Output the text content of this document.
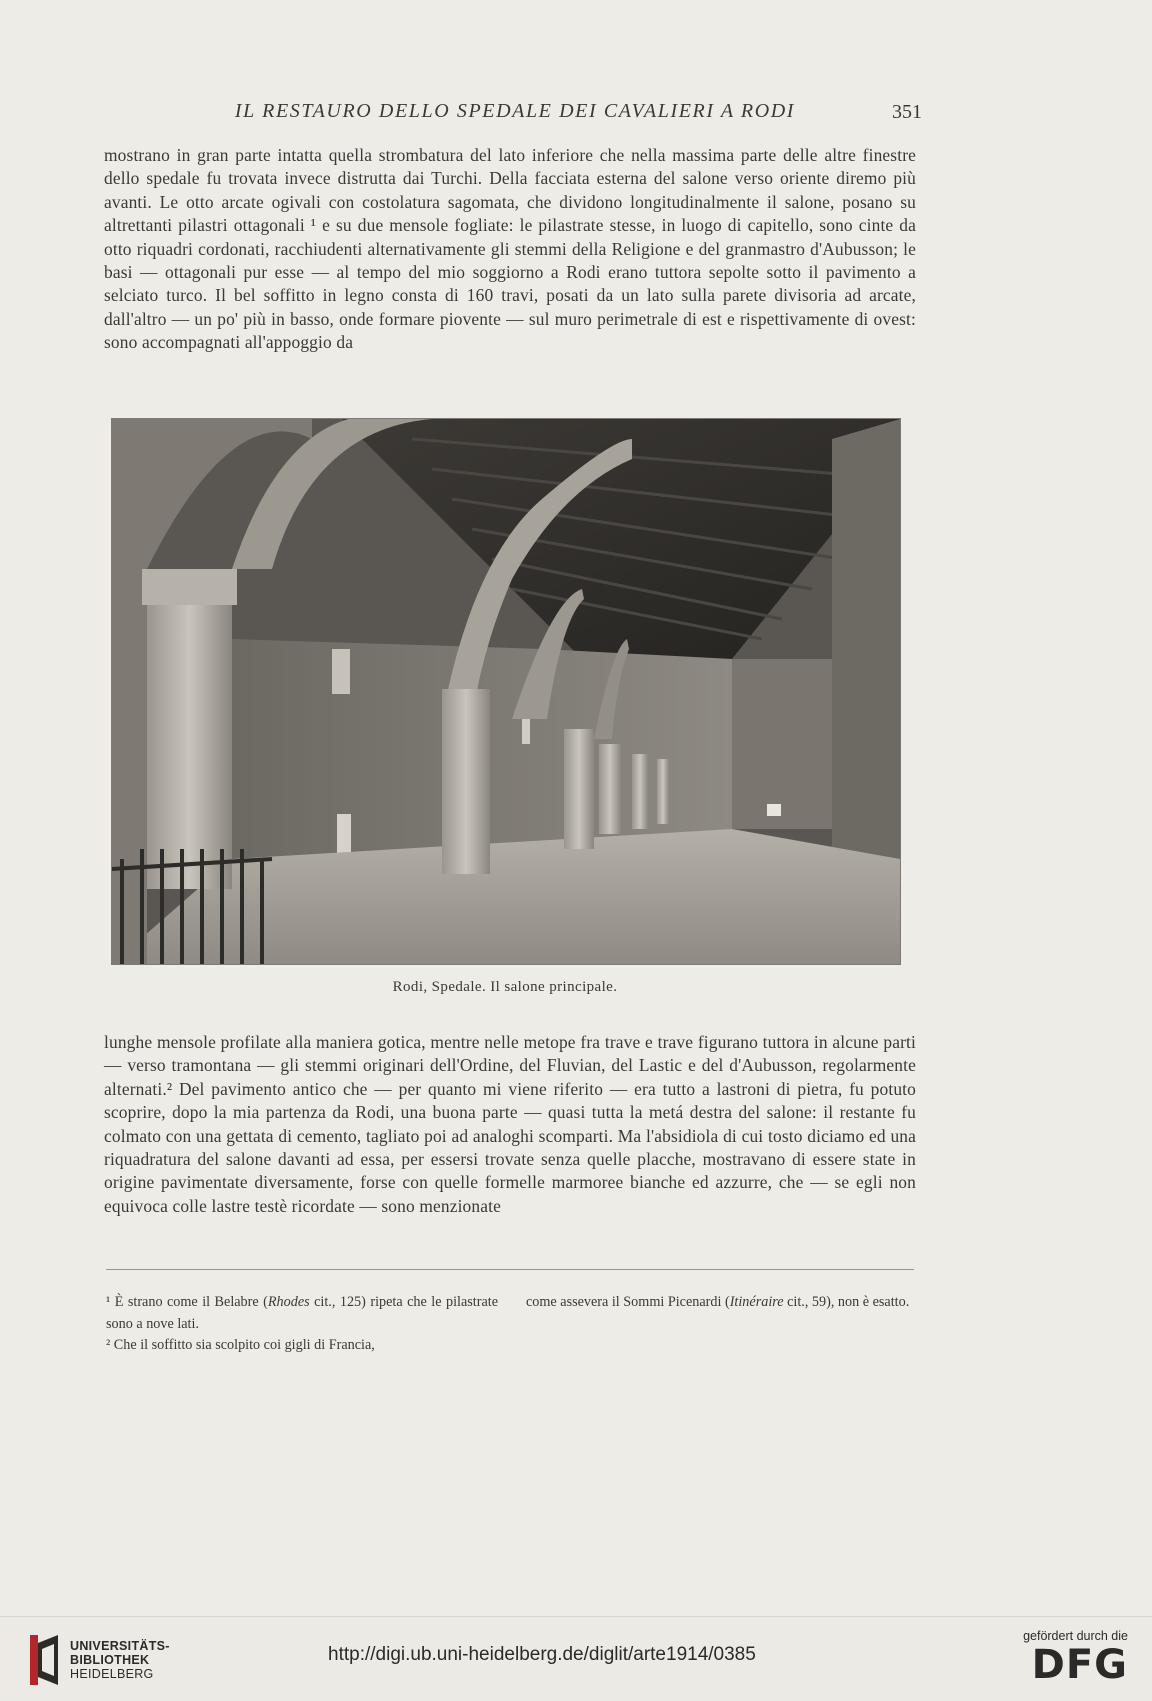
IL RESTAURO DELLO SPEDALE DEI CAVALIERI A RODI	351

mostrano in gran parte intatta quella strombatura del lato inferiore che nella massima parte delle altre finestre dello spedale fu trovata invece distrutta dai Turchi. Della facciata esterna del salone verso oriente diremo più avanti. Le otto arcate ogivali con costolatura sagomata, che dividono longitudinalmente il salone, posano su altrettanti pilastri ottagonali ¹ e su due mensole fogliate: le pilastrate stesse, in luogo di capitello, sono cinte da otto riquadri cordonati, racchiudenti alternativamente gli stemmi della Religione e del granmastro d'Aubusson; le basi — ottagonali pur esse — al tempo del mio soggiorno a Rodi erano tuttora sepolte sotto il pavimento a selciato turco. Il bel soffitto in legno consta di 160 travi, posati da un lato sulla parete divisoria ad arcate, dall'altro — un po' più in basso, onde formare piovente — sul muro perimetrale di est e rispettivamente di ovest: sono accompagnati all'appoggio da

Rodi, Spedale. Il salone principale.

lunghe mensole profilate alla maniera gotica, mentre nelle metope fra trave e trave figurano tuttora in alcune parti — verso tramontana — gli stemmi originari dell'Ordine, del Fluvian, del Lastic e del d'Aubusson, regolarmente alternati.² Del pavimento antico che — per quanto mi viene riferito — era tutto a lastroni di pietra, fu potuto scoprire, dopo la mia partenza da Rodi, una buona parte — quasi tutta la metá destra del salone: il restante fu colmato con una gettata di cemento, tagliato poi ad analoghi scomparti. Ma l'absidiola di cui tosto diciamo ed una riquadratura del salone davanti ad essa, per essersi trovate senza quelle placche, mostravano di essere state in origine pavimentate diversamente, forse con quelle formelle marmoree bianche ed azzurre, che — se egli non equivoca colle lastre testè ricordate — sono menzionate

¹ È strano come il Belabre (Rhodes cit., 125) ripeta che le pilastrate sono a nove lati.

² Che il soffitto sia scolpito coi gigli di Francia,

come assevera il Sommi Picenardi (Itinéraire cit., 59), non è esatto.

UNIVERSITÄTS-
BIBLIOTHEK
HEIDELBERG
http://digi.ub.uni-heidelberg.de/diglit/arte1914/0385
gefördert durch die
DFG
